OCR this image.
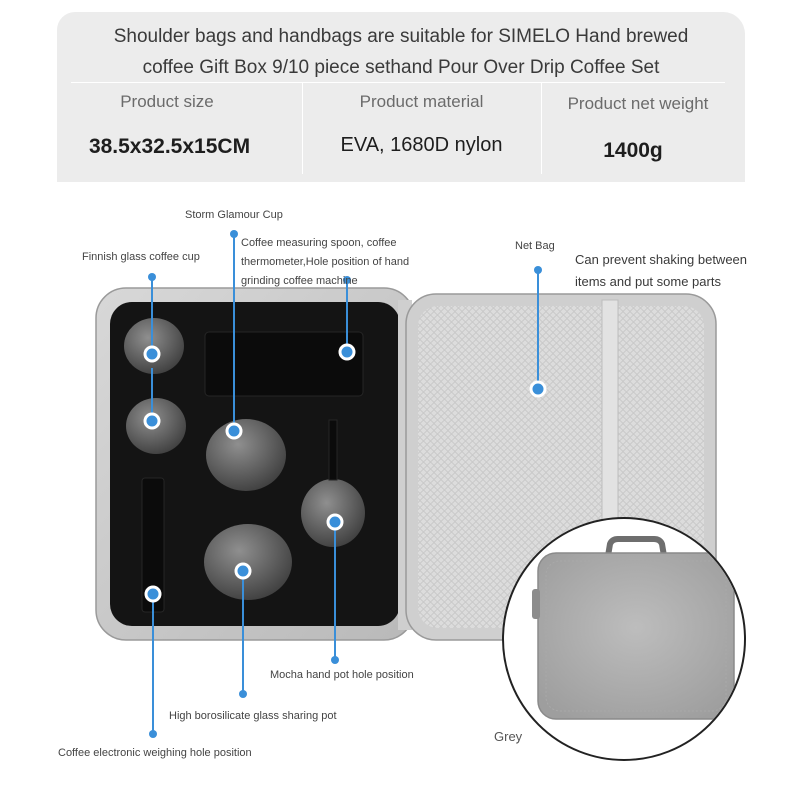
Shoulder bags and handbags are suitable for SIMELO Hand brewed
coffee Gift Box 9/10 piece sethand Pour Over Drip Coffee Set
Product size
38.5x32.5x15CM
Product material
EVA, 1680D nylon
Product net weight
1400g
Storm Glamour Cup
Finnish glass coffee cup
Coffee measuring spoon, coffee
thermometer,Hole position of hand
grinding coffee machine
Net Bag
Can prevent shaking between
items and put some parts
Mocha hand pot hole position
High borosilicate glass sharing pot
Coffee electronic weighing hole position
Grey
